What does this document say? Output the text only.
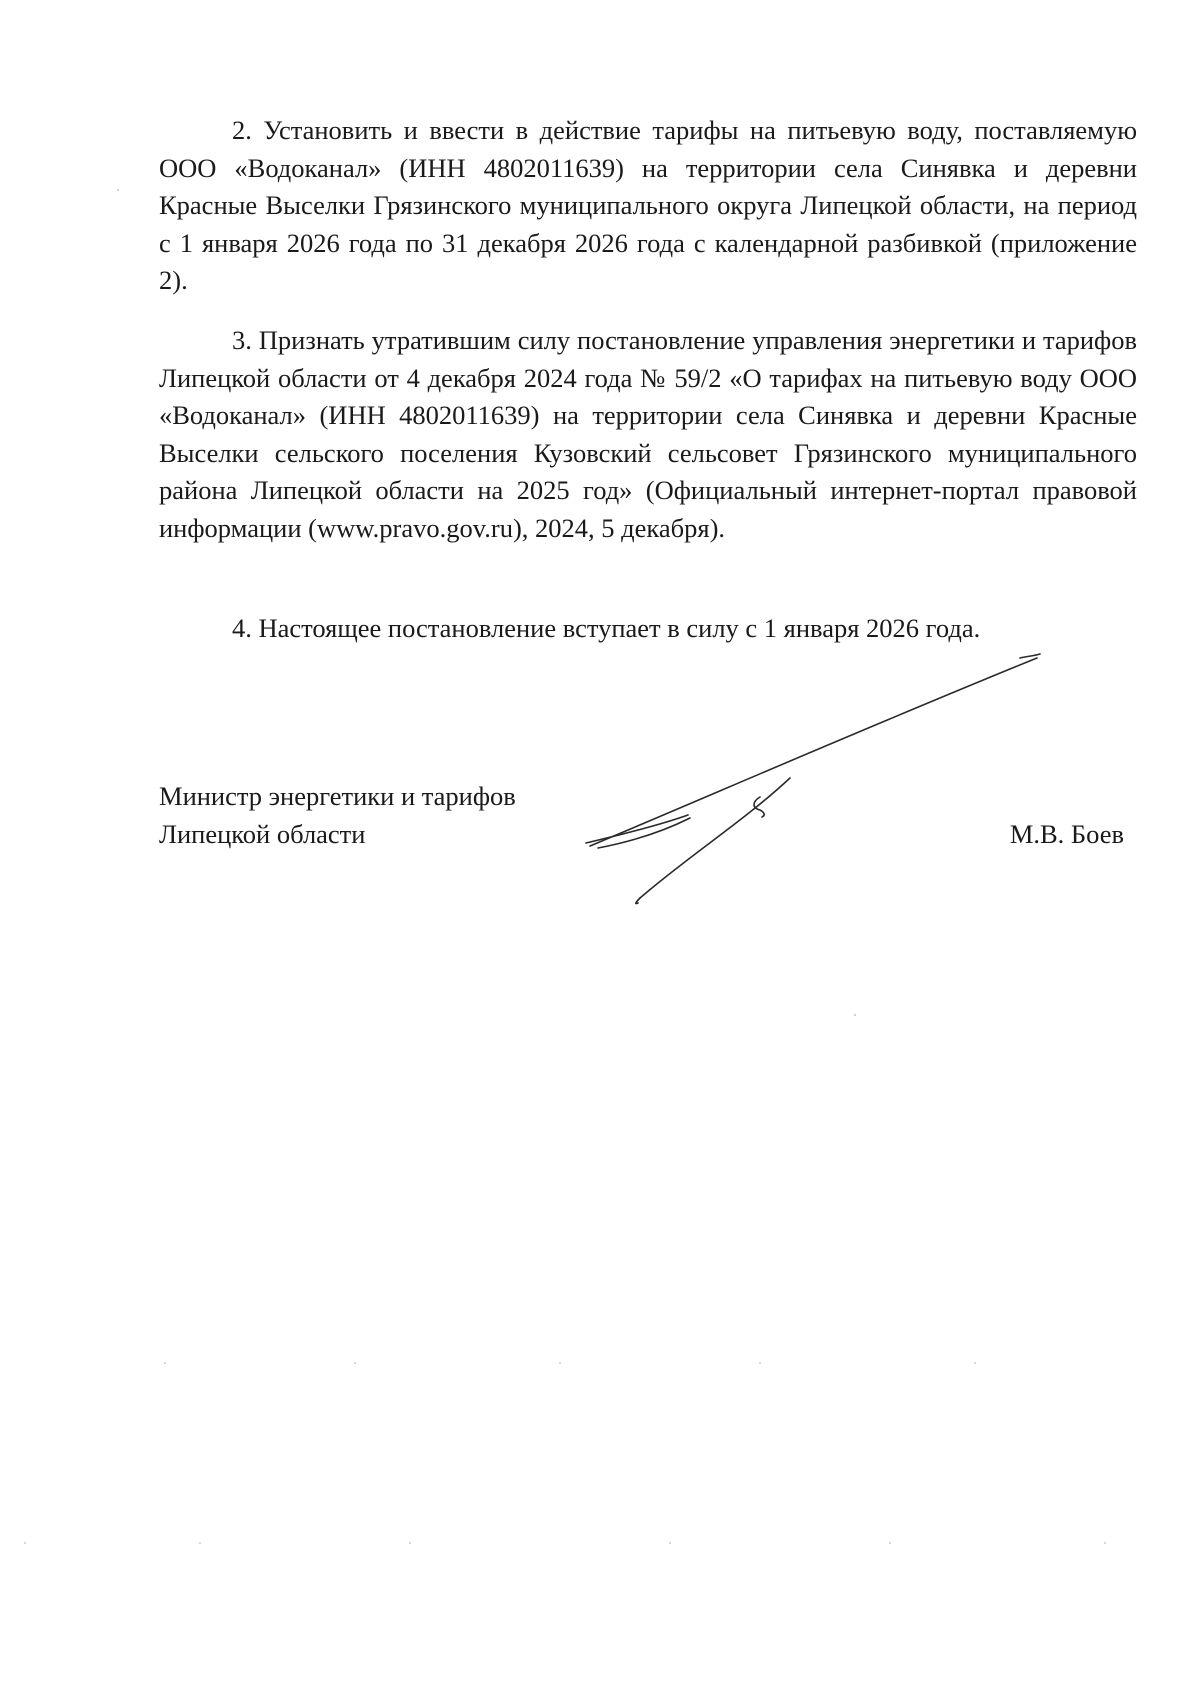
2. Установить и ввести в действие тарифы на питьевую воду, поставляемую ООО «Водоканал» (ИНН 4802011639) на территории села Синявка и деревни Красные Выселки Грязинского муниципального округа Липецкой области, на период с 1 января 2026 года по 31 декабря 2026 года с календарной разбивкой (приложение 2).

3. Признать утратившим силу постановление управления энергетики и тарифов Липецкой области от 4 декабря 2024 года № 59/2 «О тарифах на питьевую воду ООО «Водоканал» (ИНН 4802011639) на территории села Синявка и деревни Красные Выселки сельского поселения Кузовский сельсовет Грязинского муниципального района Липецкой области на 2025 год» (Официальный интернет-портал правовой информации (www.pravo.gov.ru), 2024, 5 декабря).

4. Настоящее постановление вступает в силу с 1 января 2026 года.

Министр энергетики и тарифов
Липецкой области	М.В. Боев
